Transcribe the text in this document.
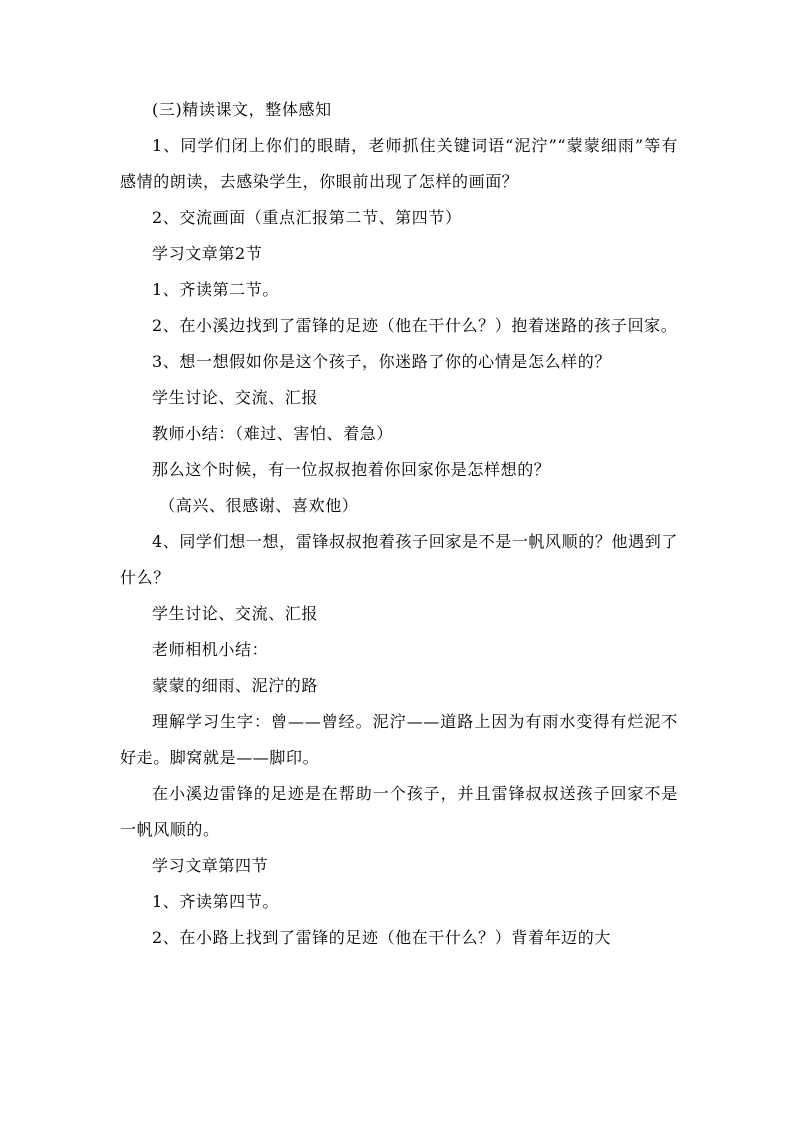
(三)精读课文，整体感知

1、同学们闭上你们的眼睛，老师抓住关键词语“泥泞”“蒙蒙细雨”等有感情的朗读，去感染学生，你眼前出现了怎样的画面？

2、交流画面（重点汇报第二节、第四节）

学习文章第2节

1、齐读第二节。

2、在小溪边找到了雷锋的足迹（他在干什么？）抱着迷路的孩子回家。

3、想一想假如你是这个孩子，你迷路了你的心情是怎么样的？

学生讨论、交流、汇报

教师小结：（难过、害怕、着急）

那么这个时候，有一位叔叔抱着你回家你是怎样想的？

（高兴、很感谢、喜欢他）

4、同学们想一想，雷锋叔叔抱着孩子回家是不是一帆风顺的？他遇到了什么？

学生讨论、交流、汇报

老师相机小结：

蒙蒙的细雨、泥泞的路

理解学习生字：曾——曾经。泥泞——道路上因为有雨水变得有烂泥不好走。脚窝就是——脚印。

在小溪边雷锋的足迹是在帮助一个孩子，并且雷锋叔叔送孩子回家不是一帆风顺的。

学习文章第四节

1、齐读第四节。

2、在小路上找到了雷锋的足迹（他在干什么？）背着年迈的大
